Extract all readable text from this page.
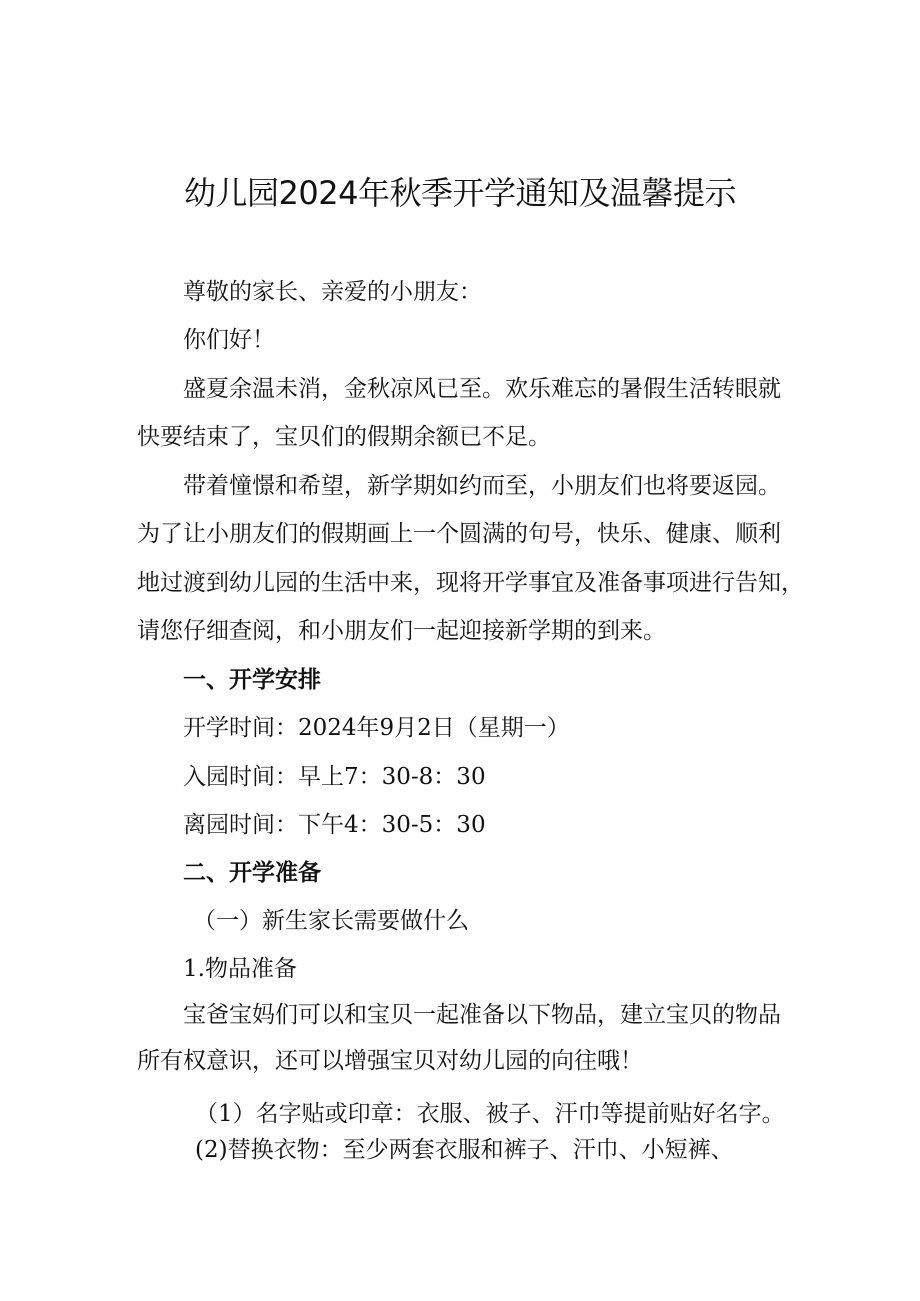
幼儿园2024年秋季开学通知及温馨提示
尊敬的家长、亲爱的小朋友：
你们好！
盛夏余温未消，金秋凉风已至。欢乐难忘的暑假生活转眼就
快要结束了，宝贝们的假期余额已不足。
带着憧憬和希望，新学期如约而至，小朋友们也将要返园。
为了让小朋友们的假期画上一个圆满的句号，快乐、健康、顺利
地过渡到幼儿园的生活中来，现将开学事宜及准备事项进行告知，
请您仔细查阅，和小朋友们一起迎接新学期的到来。
一、开学安排
开学时间：2024年9月2日（星期一）
入园时间：早上7：30-8：30
离园时间：下午4：30-5：30
二、开学准备
（一）新生家长需要做什么
1.物品准备
宝爸宝妈们可以和宝贝一起准备以下物品，建立宝贝的物品
所有权意识，还可以增强宝贝对幼儿园的向往哦！
（1）名字贴或印章：衣服、被子、汗巾等提前贴好名字。
(2)替换衣物：至少两套衣服和裤子、汗巾、小短裤、
